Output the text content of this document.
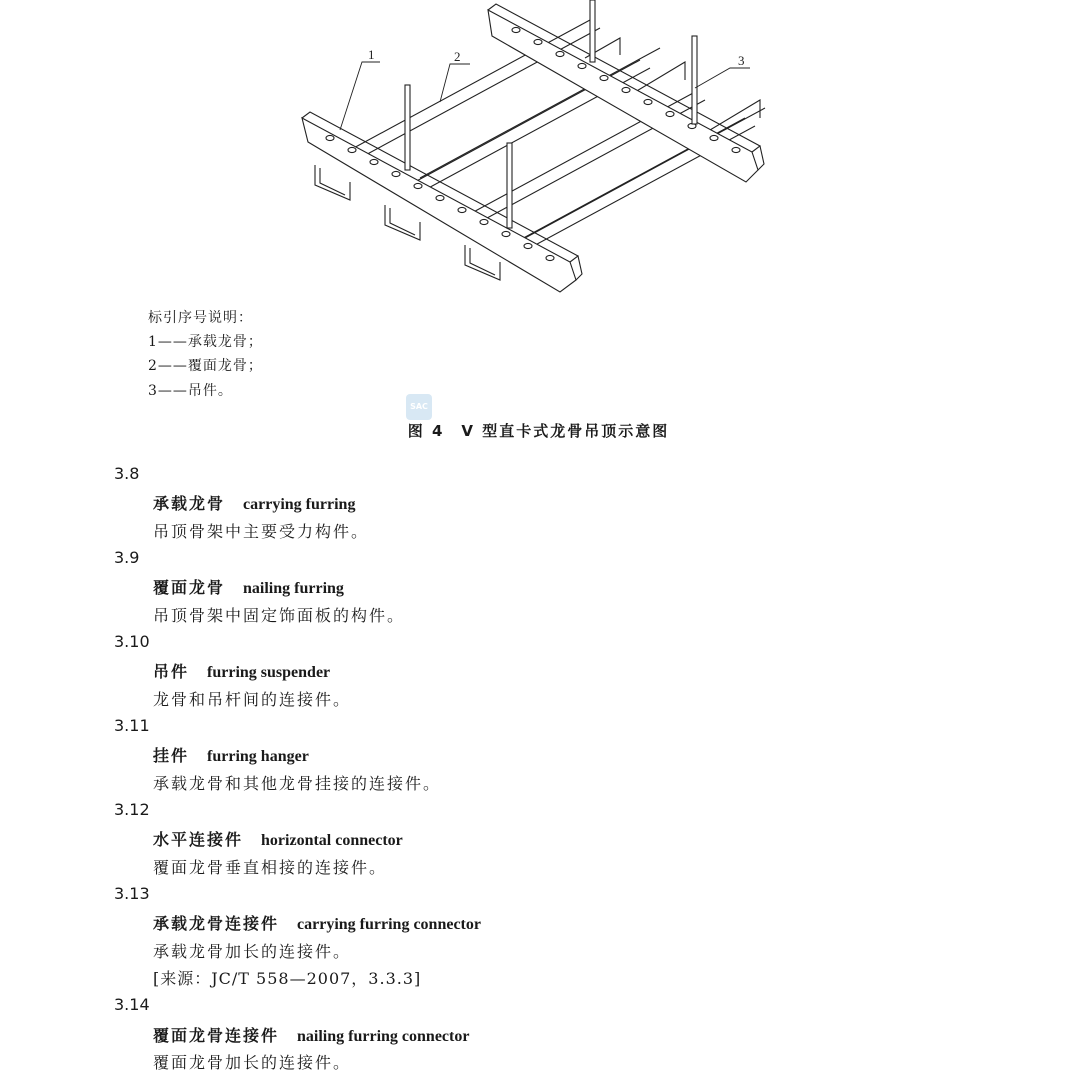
1	2	3
标引序号说明：
1——承载龙骨；
2——覆面龙骨；
3——吊件。
SAC
图 4　V 型直卡式龙骨吊顶示意图
3.8
承载龙骨 carrying furring
吊顶骨架中主要受力构件。
3.9
覆面龙骨 nailing furring
吊顶骨架中固定饰面板的构件。
3.10
吊件 furring suspender
龙骨和吊杆间的连接件。
3.11
挂件 furring hanger
承载龙骨和其他龙骨挂接的连接件。
3.12
水平连接件 horizontal connector
覆面龙骨垂直相接的连接件。
3.13
承载龙骨连接件 carrying furring connector
承载龙骨加长的连接件。
[来源：JC/T 558—2007，3.3.3]
3.14
覆面龙骨连接件 nailing furring connector
覆面龙骨加长的连接件。
